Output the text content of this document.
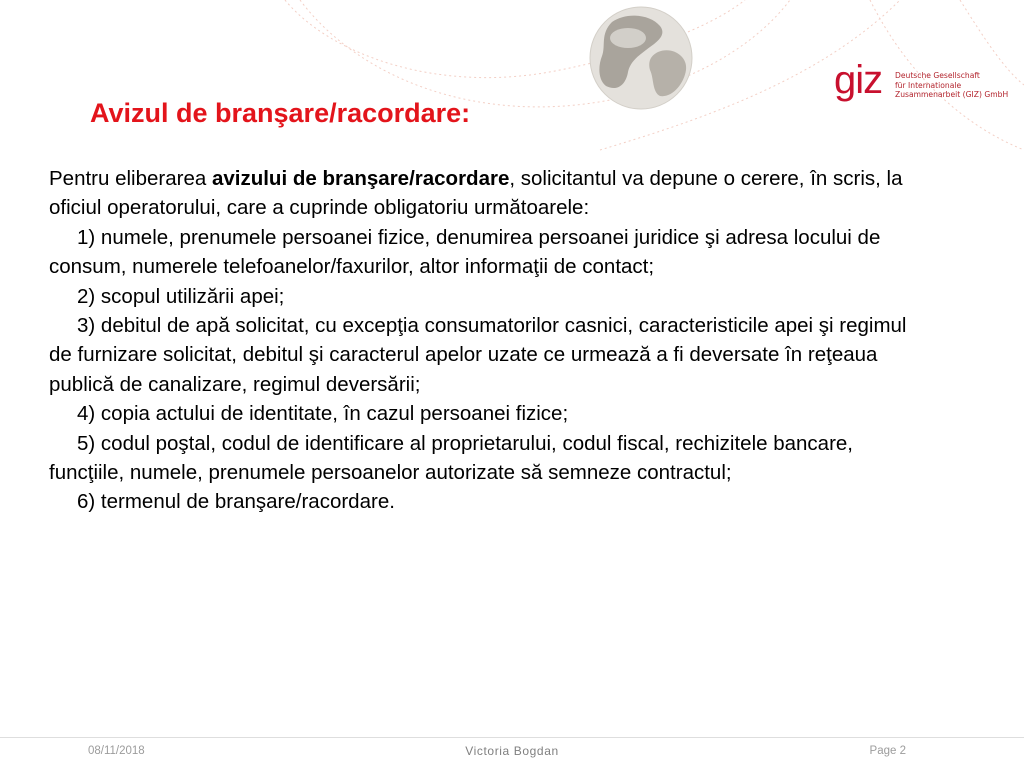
giz Deutsche Gesellschaft
für Internationale
Zusammenarbeit (GIZ) GmbH
Avizul de branşare/racordare:

Pentru eliberarea avizului de branşare/racordare, solicitantul va depune o cerere, în scris, la oficiul operatorului, care a cuprinde obligatoriu următoarele:

1) numele, prenumele persoanei fizice, denumirea persoanei juridice şi adresa locului de consum, numerele telefoanelor/faxurilor, altor informaţii de contact;

2) scopul utilizării apei;

3) debitul de apă solicitat, cu excepţia consumatorilor casnici, caracteristicile apei şi regimul de furnizare solicitat, debitul şi caracterul apelor uzate ce urmează a fi deversate în reţeaua publică de canalizare, regimul deversării;

4) copia actului de identitate, în cazul persoanei fizice;

5) codul poştal, codul de identificare al proprietarului, codul fiscal, rechizitele bancare, funcţiile, numele, prenumele persoanelor autorizate să semneze contractul;

6) termenul de branşare/racordare.

08/11/2018	Victoria Bogdan	Page 2
